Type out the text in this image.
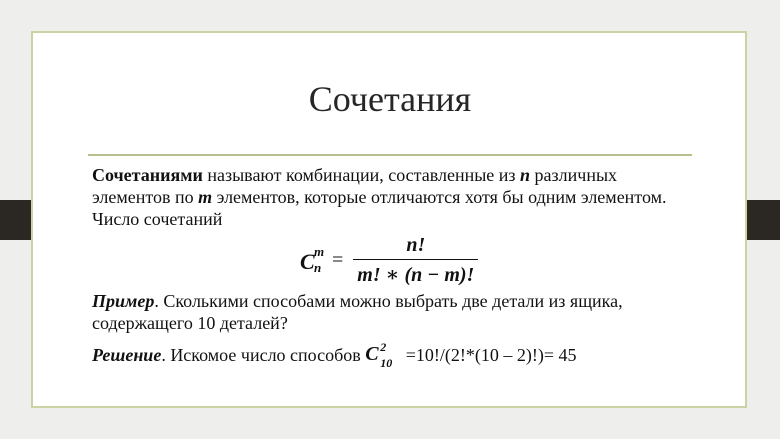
Сочетания
Сочетаниями называют комбинации, составленные из n различных элементов по m элементов, которые отличаются хотя бы одним элементом. Число сочетаний
C m
$n = \frac{n!}{m! ∗ (n - m)!}$
Пример. Сколькими способами можно выбрать две детали из ящика, содержащего 10 деталей?
Решение. Искомое число способов C 2
10 =10!/(2!*(10 – 2)!)= 45
